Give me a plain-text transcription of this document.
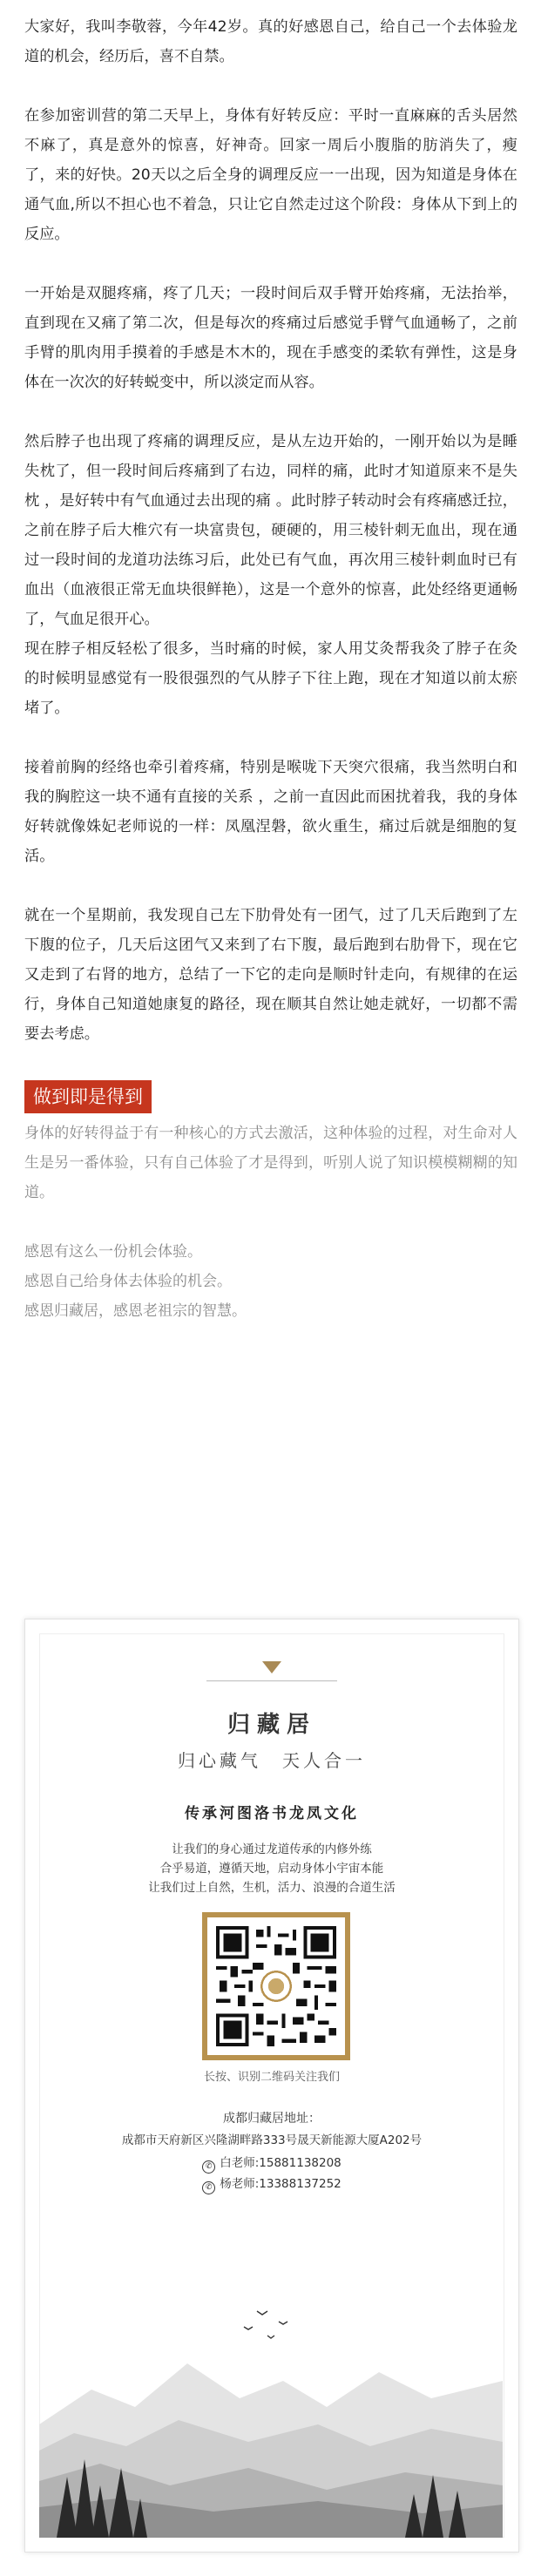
大家好，我叫李敬蓉，今年42岁。真的好感恩自己，给自己一个去体验龙道的机会，经历后，喜不自禁。

在参加密训营的第二天早上，身体有好转反应：平时一直麻麻的舌头居然不麻了，真是意外的惊喜，好神奇。回家一周后小腹脂的肪消失了，瘦了，来的好快。20天以之后全身的调理反应一一出现，因为知道是身体在通气血,所以不担心也不着急，只让它自然走过这个阶段：身体从下到上的反应。

一开始是双腿疼痛，疼了几天；一段时间后双手臂开始疼痛，无法抬举，直到现在又痛了第二次，但是每次的疼痛过后感觉手臂气血通畅了，之前手臂的肌肉用手摸着的手感是木木的，现在手感变的柔软有弹性，这是身体在一次次的好转蜕变中，所以淡定而从容。

然后脖子也出现了疼痛的调理反应，是从左边开始的，一刚开始以为是睡失枕了，但一段时间后疼痛到了右边，同样的痛，此时才知道原来不是失枕 ，是好转中有气血通过去出现的痛 。此时脖子转动时会有疼痛感迁拉，之前在脖子后大椎穴有一块富贵包，硬硬的，用三棱针刺无血出，现在通过一段时间的龙道功法练习后，此处已有气血，再次用三棱针刺血时已有血出（血液很正常无血块很鲜艳），这是一个意外的惊喜，此处经络更通畅了，气血足很开心。

现在脖子相反轻松了很多，当时痛的时候，家人用艾灸帮我灸了脖子在灸的时候明显感觉有一股很强烈的气从脖子下往上跑，现在才知道以前太瘀堵了。

接着前胸的经络也牵引着疼痛，特别是喉咙下天突穴很痛，我当然明白和我的胸腔这一块不通有直接的关系 ，之前一直因此而困扰着我，我的身体好转就像姝妃老师说的一样：凤凰涅磐，欲火重生，痛过后就是细胞的复活。

就在一个星期前，我发现自己左下肋骨处有一团气，过了几天后跑到了左下腹的位子，几天后这团气又来到了右下腹，最后跑到右肋骨下，现在它又走到了右肾的地方，总结了一下它的走向是顺时针走向，有规律的在运行，身体自己知道她康复的路径，现在顺其自然让她走就好，一切都不需要去考虑。

做到即是得到

身体的好转得益于有一种核心的方式去激活，这种体验的过程，对生命对人生是另一番体验，只有自己体验了才是得到，听别人说了知识模模糊糊的知道。

感恩有这么一份机会体验。

感恩自己给身体去体验的机会。

感恩归藏居，感恩老祖宗的智慧。

归藏居
归心藏气　天人合一
传承河图洛书龙凤文化
让我们的身心通过龙道传承的内修外练
合乎易道，遵循天地，启动身体小宇宙本能
让我们过上自然，生机，活力、浪漫的合道生活
长按、识别二维码关注我们
成都归藏居地址：
成都市天府新区兴隆湖畔路333号晟天新能源大厦A202号
✆ 白老师:15881138208
✆ 杨老师:13388137252
